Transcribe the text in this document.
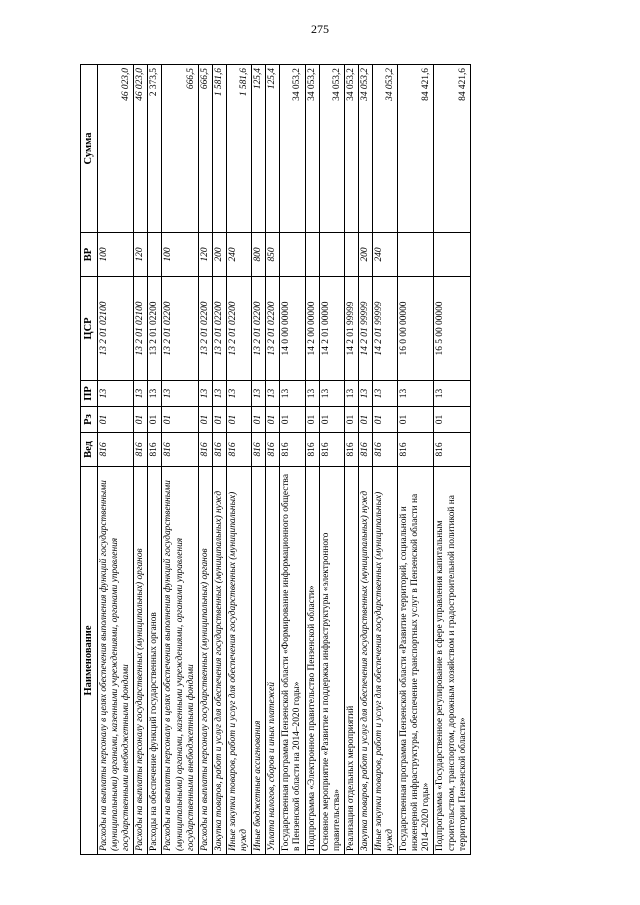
275
Наименование	Вед	Рз	ПР	ЦСР	ВР	Сумма
Расходы на выплаты персоналу в целях обеспечения выполнения функций государственными (муниципальными) органами, казенными учреждениями, органами управления государственными внебюджетными фондами	816	01	13	13 2 01 02100	100	46 023,0
Расходы на выплаты персоналу государственных (муниципальных) органов	816	01	13	13 2 01 02100	120	46 023,0
Расходы на обеспечение функций государственных органов	816	01	13	13 2 01 02200		2 373,5
Расходы на выплаты персоналу в целях обеспечения выполнения функций государственными (муниципальными) органами, казенными учреждениями, органами управления государственными внебюджетными фондами	816	01	13	13 2 01 02200	100	666,5
Расходы на выплаты персоналу государственных (муниципальных) органов	816	01	13	13 2 01 02200	120	666,5
Закупка товаров, работ и услуг для обеспечения государственных (муниципальных) нужд	816	01	13	13 2 01 02200	200	1 581,6
Иные закупки товаров, работ и услуг для обеспечения государственных (муниципальных) нужд	816	01	13	13 2 01 02200	240	1 581,6
Иные бюджетные ассигнования	816	01	13	13 2 01 02200	800	125,4
Уплата налогов, сборов и иных платежей	816	01	13	13 2 01 02200	850	125,4
Государственная программа Пензенской области «Формирование информационного общества в Пензенской области на 2014–2020 годы»	816	01	13	14 0 00 00000		34 053,2
Подпрограмма «Электронное правительство Пензенской области»	816	01	13	14 2 00 00000		34 053,2
Основное мероприятие «Развитие и поддержка инфраструктуры «электронного правительства»	816	01	13	14 2 01 00000		34 053,2
Реализация отдельных мероприятий	816	01	13	14 2 01 99999		34 053,2
Закупка товаров, работ и услуг для обеспечения государственных (муниципальных) нужд	816	01	13	14 2 01 99999	200	34 053,2
Иные закупки товаров, работ и услуг для обеспечения государственных (муниципальных) нужд	816	01	13	14 2 01 99999	240	34 053,2
Государственная программа Пензенской области «Развитие территорий, социальной и инженерной инфраструктуры, обеспечение транспортных услуг в Пензенской области на 2014–2020 годы»	816	01	13	16 0 00 00000		84 421,6
Подпрограмма «Государственное регулирование в сфере управления капитальным строительством, транспортом, дорожным хозяйством и градостроительной политикой на территории Пензенской области»	816	01	13	16 5 00 00000		84 421,6
